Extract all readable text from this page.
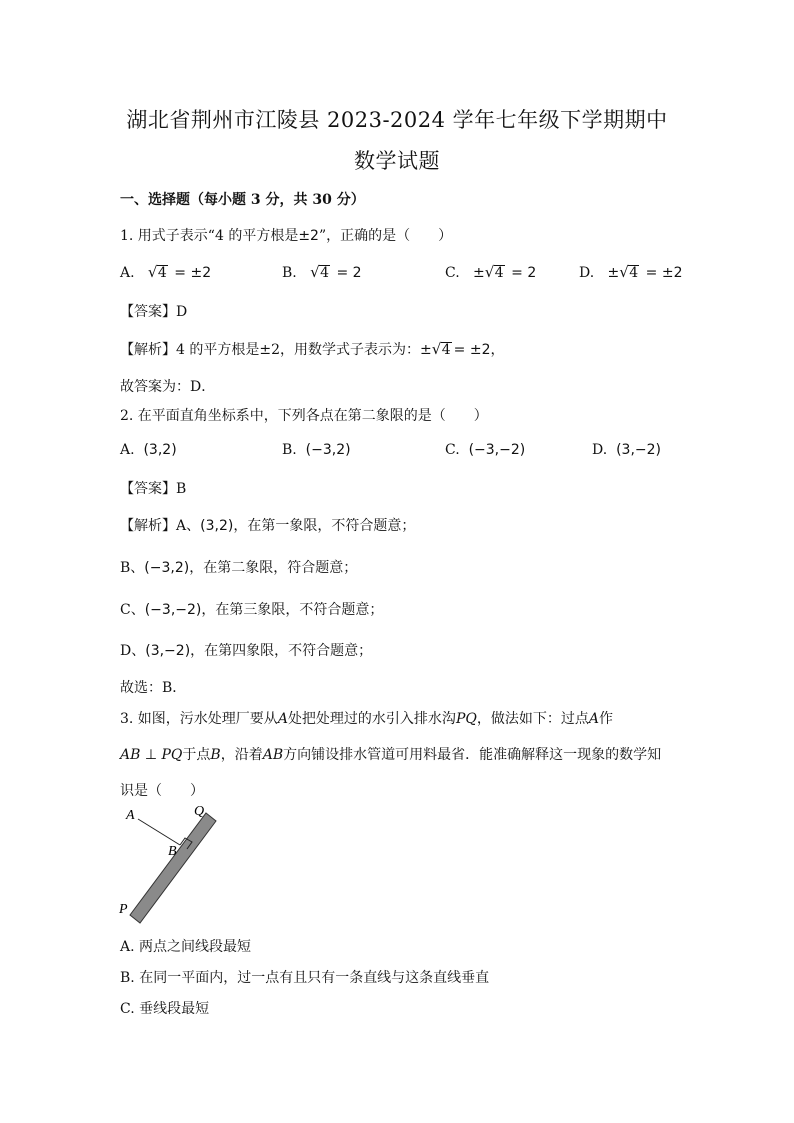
湖北省荆州市江陵县 2023-2024 学年七年级下学期期中
数学试题
一、选择题（每小题 3 分，共 30 分）
1. 用式子表示“4 的平方根是±2”，正确的是（　　）
A. √ 4 = ±2	B. √ 4 = 2	C. ± √ 4 = 2	D. ± √ 4 = ±2
【答案】D
【解析】4 的平方根是±2，用数学式子表示为：± √ 4 = ±2，
故答案为：D．
2. 在平面直角坐标系中，下列各点在第二象限的是（　　）
A. (3,2)	B. (−3,2)	C. (−3,−2)	D. (3,−2)
【答案】B
【解析】A、(3,2)，在第一象限，不符合题意；
B、(−3,2)，在第二象限，符合题意；
C、(−3,−2)，在第三象限，不符合题意；
D、(3,−2)，在第四象限，不符合题意；
故选：B．
3. 如图，污水处理厂要从A处把处理过的水引入排水沟PQ，做法如下：过点A作
AB ⊥ PQ于点B，沿着AB方向铺设排水管道可用料最省．能准确解释这一现象的数学知
识是（　　）
A
B
Q
P
A. 两点之间线段最短
B. 在同一平面内，过一点有且只有一条直线与这条直线垂直
C. 垂线段最短
